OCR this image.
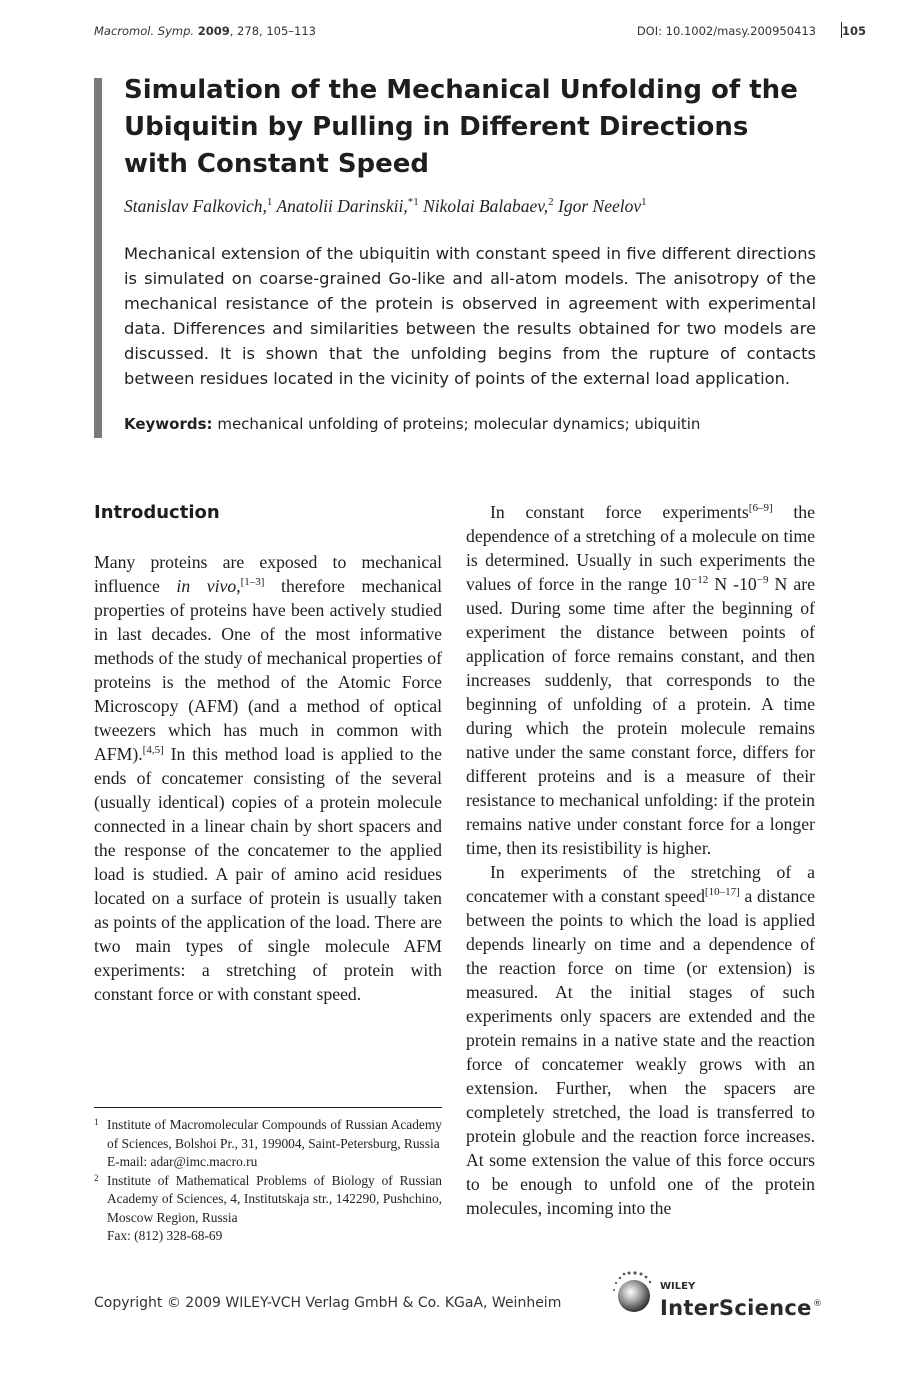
Macromol. Symp. 2009, 278, 105–113	DOI: 10.1002/masy.200950413 105
Simulation of the Mechanical Unfolding of the Ubiquitin by Pulling in Different Directions with Constant Speed
Stanislav Falkovich,$^1$ Anatolii Darinskii,$^{*1}$ Nikolai Balabaev,$^2$ Igor Neelov$^1$

Mechanical extension of the ubiquitin with constant speed in five different directions is simulated on coarse-grained Go-like and all-atom models. The anisotropy of the mechanical resistance of the protein is observed in agreement with experimental data. Differences and similarities between the results obtained for two models are discussed. It is shown that the unfolding begins from the rupture of contacts between residues located in the vicinity of points of the external load application.

Keywords: mechanical unfolding of proteins; molecular dynamics; ubiquitin
Introduction

Many proteins are exposed to mechanical influence in vivo,[1–3] therefore mechanical properties of proteins have been actively studied in last decades. One of the most informative methods of the study of mechanical properties of proteins is the method of the Atomic Force Microscopy (AFM) (and a method of optical tweezers which has much in common with AFM).[4,5] In this method load is applied to the ends of concatemer consisting of the several (usually identical) copies of a protein molecule connected in a linear chain by short spacers and the response of the concatemer to the applied load is studied. A pair of amino acid residues located on a surface of protein is usually taken as points of the application of the load. There are two main types of single molecule AFM experiments: a stretching of protein with constant force or with constant speed.

In constant force experiments[6–9] the dependence of a stretching of a molecule on time is determined. Usually in such experiments the values of force in the range $10^{-12}$ N $-10^{-9}$ N are used. During some time after the beginning of experiment the distance between points of application of force remains constant, and then increases suddenly, that corresponds to the beginning of unfolding of a protein. A time during which the protein molecule remains native under the same constant force, differs for different proteins and is a measure of their resistance to mechanical unfolding: if the protein remains native under constant force for a longer time, then its resistibility is higher.

In experiments of the stretching of a concatemer with a constant speed[10–17] a distance between the points to which the load is applied depends linearly on time and a dependence of the reaction force on time (or extension) is measured. At the initial stages of such experiments only spacers are extended and the protein remains in a native state and the reaction force of concatemer weakly grows with an extension. Further, when the spacers are completely stretched, the load is transferred to protein globule and the reaction force increases. At some extension the value of this force occurs to be enough to unfold one of the protein molecules, incoming into the

1 Institute of Macromolecular Compounds of Russian Academy of Sciences, Bolshoi Pr., 31, 199004, Saint-Petersburg, Russia
E-mail: adar@imc.macro.ru
2 Institute of Mathematical Problems of Biology of Russian Academy of Sciences, 4, Institutskaja str., 142290, Pushchino, Moscow Region, Russia
Fax: (812) 328-68-69
Copyright © 2009 WILEY-VCH Verlag GmbH & Co. KGaA, Weinheim
WILEY
InterScience ®
